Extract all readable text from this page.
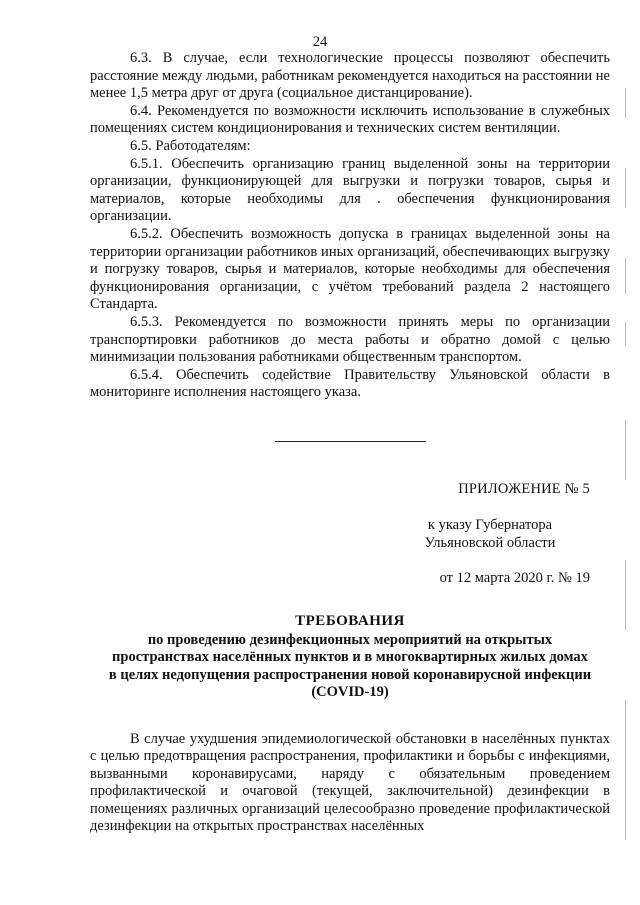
24

6.3. В случае, если технологические процессы позволяют обеспечить расстояние между людьми, работникам рекомендуется находиться на расстоянии не менее 1,5 метра друг от друга (социальное дистанцирование).

6.4. Рекомендуется по возможности исключить использование в служебных помещениях систем кондиционирования и технических систем вентиляции.

6.5. Работодателям:

6.5.1. Обеспечить организацию границ выделенной зоны на территории организации, функционирующей для выгрузки и погрузки товаров, сырья и материалов, которые необходимы для . обеспечения функционирования организации.

6.5.2. Обеспечить возможность допуска в границах выделенной зоны на территории организации работников иных организаций, обеспечивающих выгрузку и погрузку товаров, сырья и материалов, которые необходимы для обеспечения функционирования организации, с учётом требований раздела 2 настоящего Стандарта.

6.5.3. Рекомендуется по возможности принять меры по организации транспортировки работников до места работы и обратно домой с целью минимизации пользования работниками общественным транспортом.

6.5.4. Обеспечить содействие Правительству Ульяновской области в мониторинге исполнения настоящего указа.

ПРИЛОЖЕНИЕ № 5
к указу Губернатора
Ульяновской области
от 12 марта 2020 г. № 19
ТРЕБОВАНИЯ
по проведению дезинфекционных мероприятий на открытых
пространствах населённых пунктов и в многоквартирных жилых домах
в целях недопущения распространения новой коронавирусной инфекции
(COVID-19)

В случае ухудшения эпидемиологической обстановки в населённых пунктах с целью предотвращения распространения, профилактики и борьбы с инфекциями, вызванными коронавирусами, наряду с обязательным проведением профилактической и очаговой (текущей, заключительной) дезинфекции в помещениях различных организаций целесообразно проведение профилактической дезинфекции на открытых пространствах населённых
